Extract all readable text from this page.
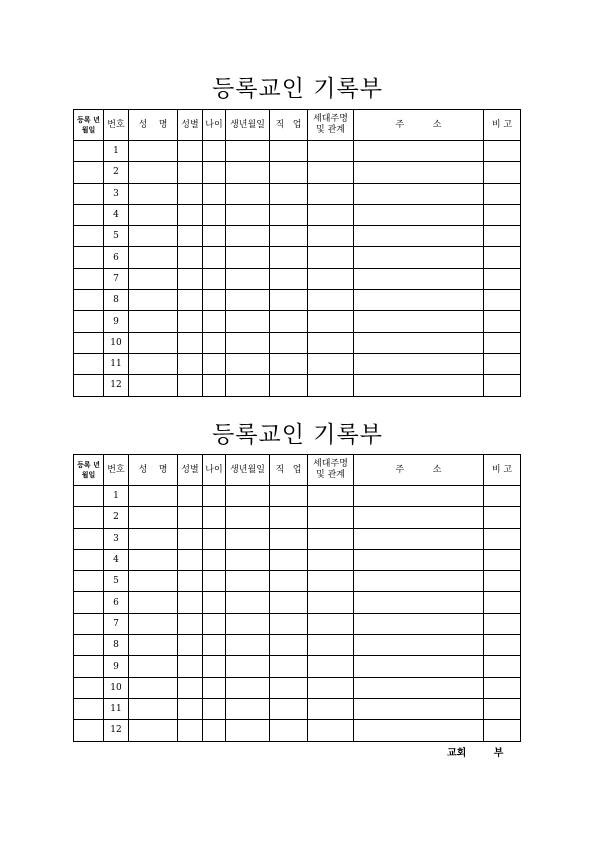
등록교인 기록부
등록 년월일	번호	성    명	성별	나이	생년월일	직   업	세대주명 및 관계	주          소	비 고
	1								
	2								
	3								
	4								
	5								
	6								
	7								
	8								
	9								
	10								
	11								
	12								
등록교인 기록부
등록 년월일	번호	성    명	성별	나이	생년월일	직   업	세대주명 및 관계	주          소	비 고
	1								
	2								
	3								
	4								
	5								
	6								
	7								
	8								
	9								
	10								
	11								
	12								
교회     부
